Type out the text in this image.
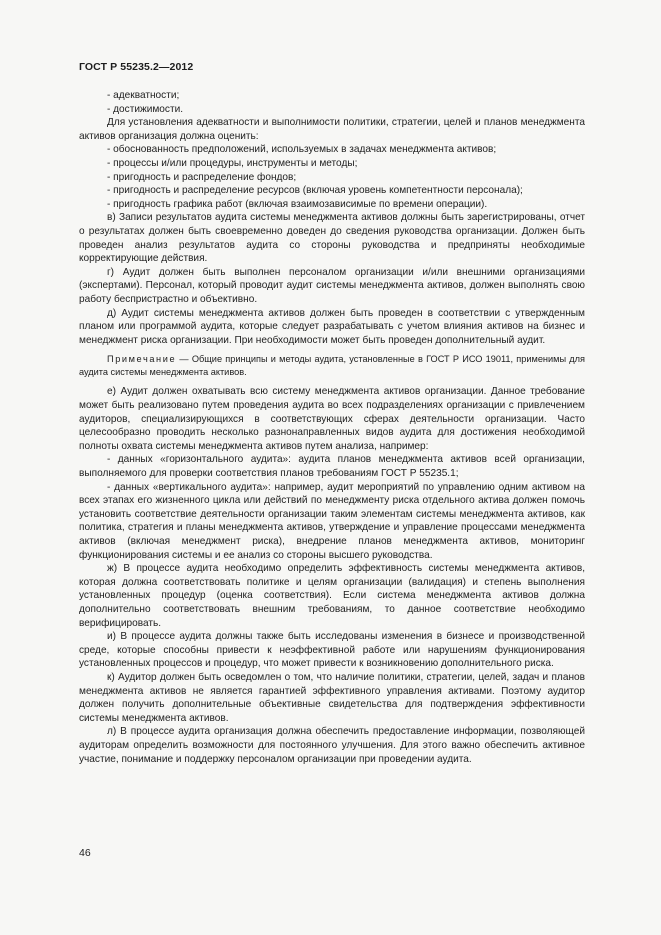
ГОСТ Р 55235.2—2012

- адекватности;

- достижимости.

Для установления адекватности и выполнимости политики, стратегии, целей и планов менеджмента активов организация должна оценить:

- обоснованность предположений, используемых в задачах менеджмента активов;

- процессы и/или процедуры, инструменты и методы;

- пригодность и распределение фондов;

- пригодность и распределение ресурсов (включая уровень компетентности персонала);

- пригодность графика работ (включая взаимозависимые по времени операции).

в) Записи результатов аудита системы менеджмента активов должны быть зарегистрированы, отчет о результатах должен быть своевременно доведен до сведения руководства организации. Должен быть проведен анализ результатов аудита со стороны руководства и предприняты необходимые корректирующие действия.

г) Аудит должен быть выполнен персоналом организации и/или внешними организациями (экспертами). Персонал, который проводит аудит системы менеджмента активов, должен выполнять свою работу беспристрастно и объективно.

д) Аудит системы менеджмента активов должен быть проведен в соответствии с утвержденным планом или программой аудита, которые следует разрабатывать с учетом влияния активов на бизнес и менеджмент риска организации. При необходимости может быть проведен дополнительный аудит.

Примечание — Общие принципы и методы аудита, установленные в ГОСТ Р ИСО 19011, применимы для аудита системы менеджмента активов.

е) Аудит должен охватывать всю систему менеджмента активов организации. Данное требование может быть реализовано путем проведения аудита во всех подразделениях организации с привлечением аудиторов, специализирующихся в соответствующих сферах деятельности организации. Часто целесообразно проводить несколько разнонаправленных видов аудита для достижения необходимой полноты охвата системы менеджмента активов путем анализа, например:

- данных «горизонтального аудита»: аудита планов менеджмента активов всей организации, выполняемого для проверки соответствия планов требованиям ГОСТ Р 55235.1;

- данных «вертикального аудита»: например, аудит мероприятий по управлению одним активом на всех этапах его жизненного цикла или действий по менеджменту риска отдельного актива должен помочь установить соответствие деятельности организации таким элементам системы менеджмента активов, как политика, стратегия и планы менеджмента активов, утверждение и управление процессами менеджмента активов (включая менеджмент риска), внедрение планов менеджмента активов, мониторинг функционирования системы и ее анализ со стороны высшего руководства.

ж) В процессе аудита необходимо определить эффективность системы менеджмента активов, которая должна соответствовать политике и целям организации (валидация) и степень выполнения установленных процедур (оценка соответствия). Если система менеджмента активов должна дополнительно соответствовать внешним требованиям, то данное соответствие необходимо верифицировать.

и) В процессе аудита должны также быть исследованы изменения в бизнесе и производственной среде, которые способны привести к неэффективной работе или нарушениям функционирования установленных процессов и процедур, что может привести к возникновению дополнительного риска.

к) Аудитор должен быть осведомлен о том, что наличие политики, стратегии, целей, задач и планов менеджмента активов не является гарантией эффективного управления активами. Поэтому аудитор должен получить дополнительные объективные свидетельства для подтверждения эффективности системы менеджмента активов.

л) В процессе аудита организация должна обеспечить предоставление информации, позволяющей аудиторам определить возможности для постоянного улучшения. Для этого важно обеспечить активное участие, понимание и поддержку персоналом организации при проведении аудита.

46
